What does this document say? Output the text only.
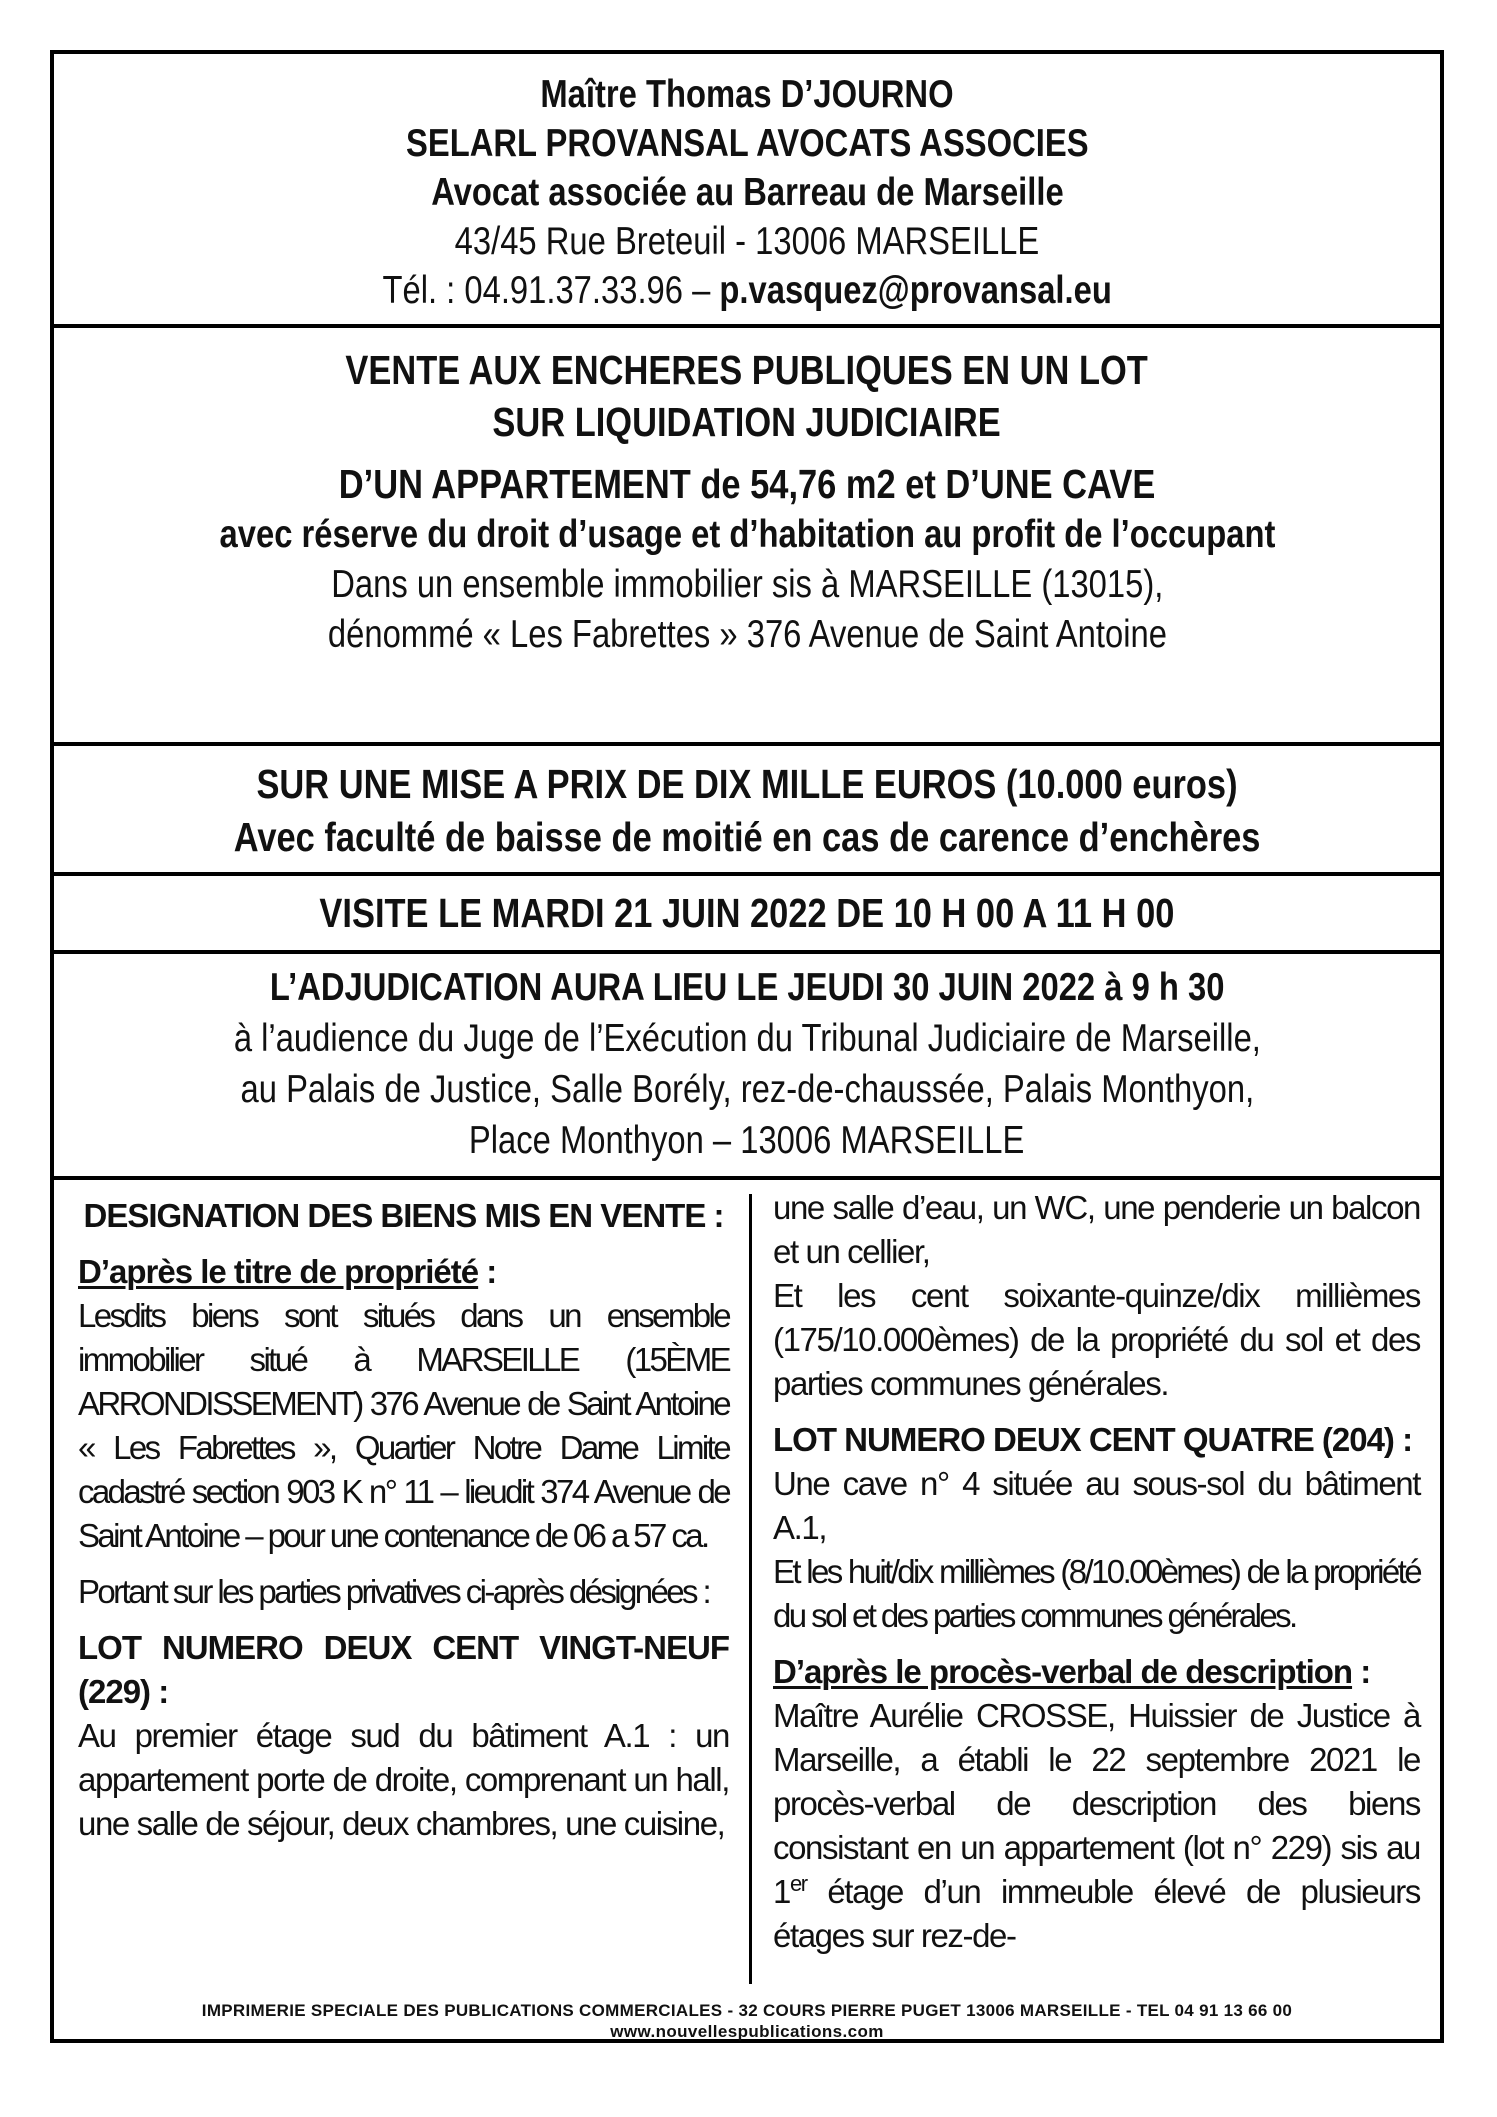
Maître Thomas D’JOURNO
SELARL PROVANSAL AVOCATS ASSOCIES
Avocat associée au Barreau de Marseille
43/45 Rue Breteuil - 13006 MARSEILLE
Tél. : 04.91.37.33.96 – p.vasquez@provansal.eu
VENTE AUX ENCHERES PUBLIQUES EN UN LOT
SUR LIQUIDATION JUDICIAIRE
D’UN APPARTEMENT de 54,76 m2 et D’UNE CAVE
avec réserve du droit d’usage et d’habitation au profit de l’occupant
Dans un ensemble immobilier sis à MARSEILLE (13015),
dénommé « Les Fabrettes » 376 Avenue de Saint Antoine
SUR UNE MISE A PRIX DE DIX MILLE EUROS (10.000 euros)
Avec faculté de baisse de moitié en cas de carence d’enchères
VISITE LE MARDI 21 JUIN 2022 DE 10 H 00 A 11 H 00
L’ADJUDICATION AURA LIEU LE JEUDI 30 JUIN 2022 à 9 h 30
à l’audience du Juge de l’Exécution du Tribunal Judiciaire de Marseille,
au Palais de Justice, Salle Borély, rez-de-chaussée, Palais Monthyon,
Place Monthyon – 13006 MARSEILLE

DESIGNATION DES BIENS MIS EN VENTE :

D’après le titre de propriété :

Lesdits biens sont situés dans un ensemble immobilier situé à MARSEILLE (15ÈME ARRONDISSEMENT) 376 Avenue de Saint Antoine « Les Fabrettes », Quartier Notre Dame Limite cadastré section 903 K n° 11 – lieudit 374 Avenue de Saint Antoine – pour une contenance de 06 a 57 ca.

Portant sur les parties privatives ci-après désignées :

LOT NUMERO DEUX CENT VINGT-NEUF (229) :

Au premier étage sud du bâtiment A.1 : un appartement porte de droite, comprenant un hall, une salle de séjour, deux chambres, une cuisine,

une salle d’eau, un WC, une penderie un balcon et un cellier,

Et les cent soixante-quinze/dix millièmes (175/10.000èmes) de la propriété du sol et des parties communes générales.

LOT NUMERO DEUX CENT QUATRE (204) :

Une cave n° 4 située au sous-sol du bâtiment A.1,

Et les huit/dix millièmes (8/10.00èmes) de la propriété du sol et des parties communes générales.

D’après le procès-verbal de description :

Maître Aurélie CROSSE, Huissier de Justice à Marseille, a établi le 22 septembre 2021 le procès-verbal de description des biens consistant en un appartement (lot n° 229) sis au 1er étage d’un immeuble élevé de plusieurs étages sur rez-de-

IMPRIMERIE SPECIALE DES PUBLICATIONS COMMERCIALES - 32 COURS PIERRE PUGET 13006 MARSEILLE - TEL 04 91 13 66 00
www.nouvellespublications.com
